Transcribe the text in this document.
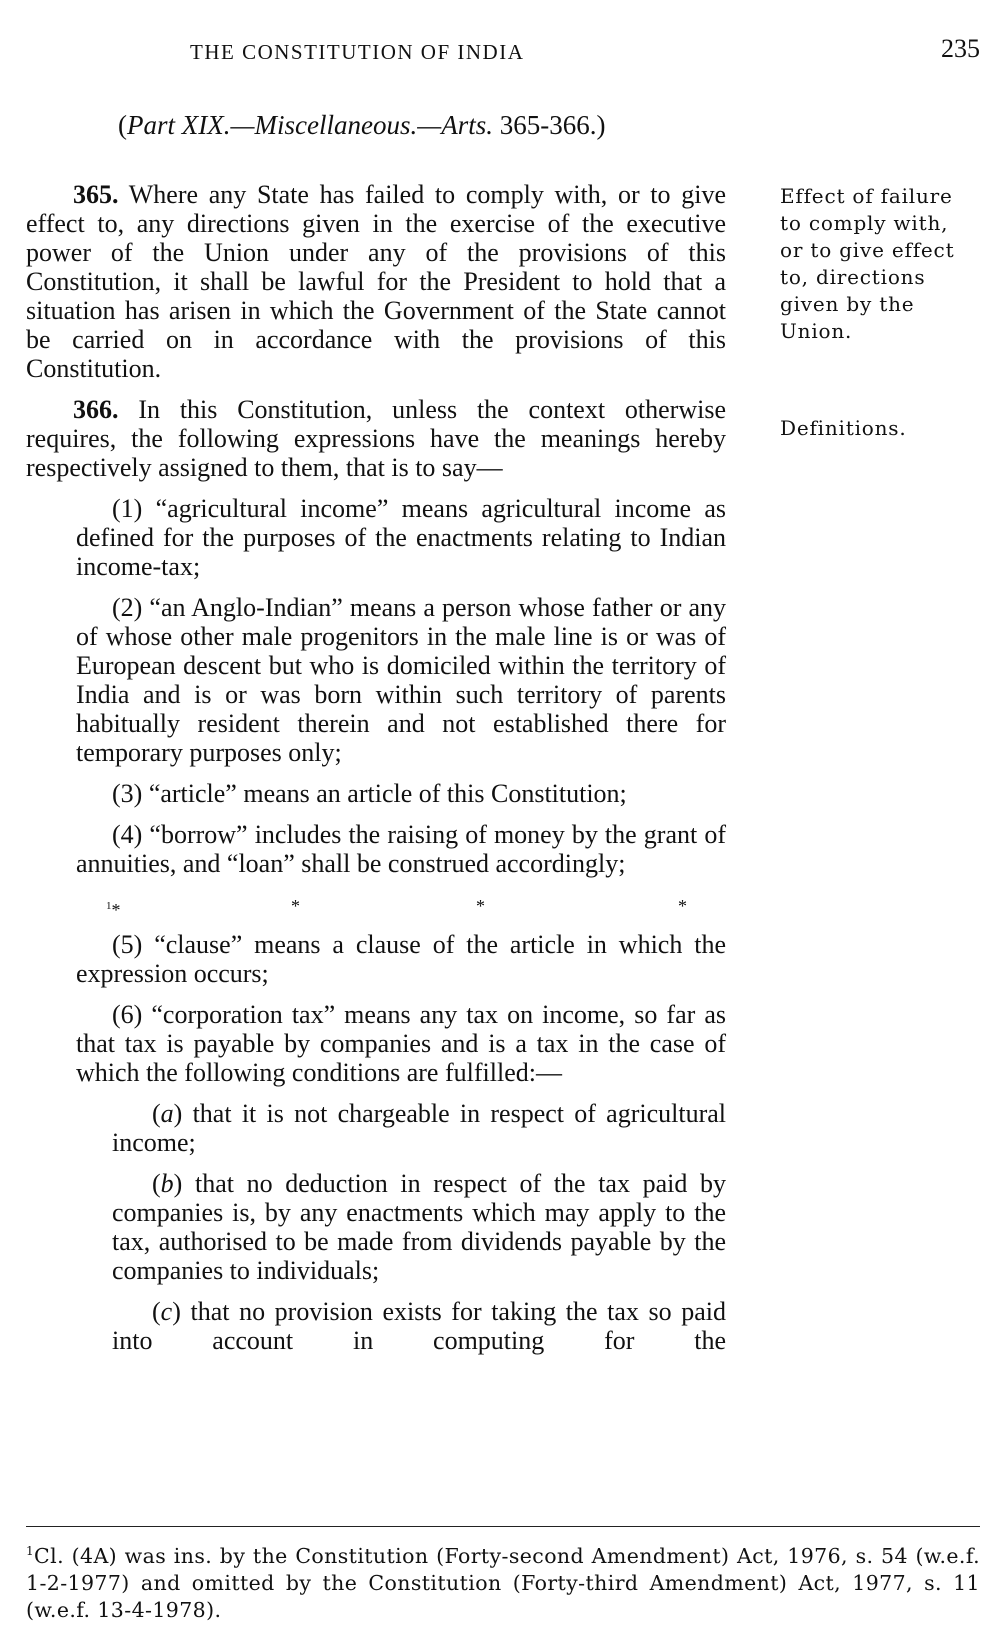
THE CONSTITUTION OF INDIA	235
(Part XIX.—Miscellaneous.—Arts. 365-366.)

365. Where any State has failed to comply with, or to give effect to, any directions given in the exercise of the executive power of the Union under any of the provisions of this Constitution, it shall be lawful for the President to hold that a situation has arisen in which the Government of the State cannot be carried on in accordance with the provisions of this Constitution.

366. In this Constitution, unless the context otherwise requires, the following expressions have the meanings hereby respectively assigned to them, that is to say—

(1) “agricultural income” means agricultural income as defined for the purposes of the enactments relating to Indian income-tax;

(2) “an Anglo-Indian” means a person whose father or any of whose other male progenitors in the male line is or was of European descent but who is domiciled within the territory of India and is or was born within such territory of parents habitually resident therein and not established there for temporary purposes only;

(3) “article” means an article of this Constitution;

(4) “borrow” includes the raising of money by the grant of annuities, and “loan” shall be construed accordingly;

$^1$*	*	*	*

(5) “clause” means a clause of the article in which the expression occurs;

(6) “corporation tax” means any tax on income, so far as that tax is payable by companies and is a tax in the case of which the following conditions are fulfilled:—

(a) that it is not chargeable in respect of agricultural income;

(b) that no deduction in respect of the tax paid by companies is, by any enactments which may apply to the tax, authorised to be made from dividends payable by the companies to individuals;

(c) that no provision exists for taking the tax so paid into account in computing for the

Effect of failure to comply with, or to give effect to, directions given by the Union.
Definitions.
$^1$Cl. (4A) was ins. by the Constitution (Forty-second Amendment) Act, 1976, s. 54 (w.e.f. 1-2-1977) and omitted by the Constitution (Forty-third Amendment) Act, 1977, s. 11 (w.e.f. 13-4-1978).
